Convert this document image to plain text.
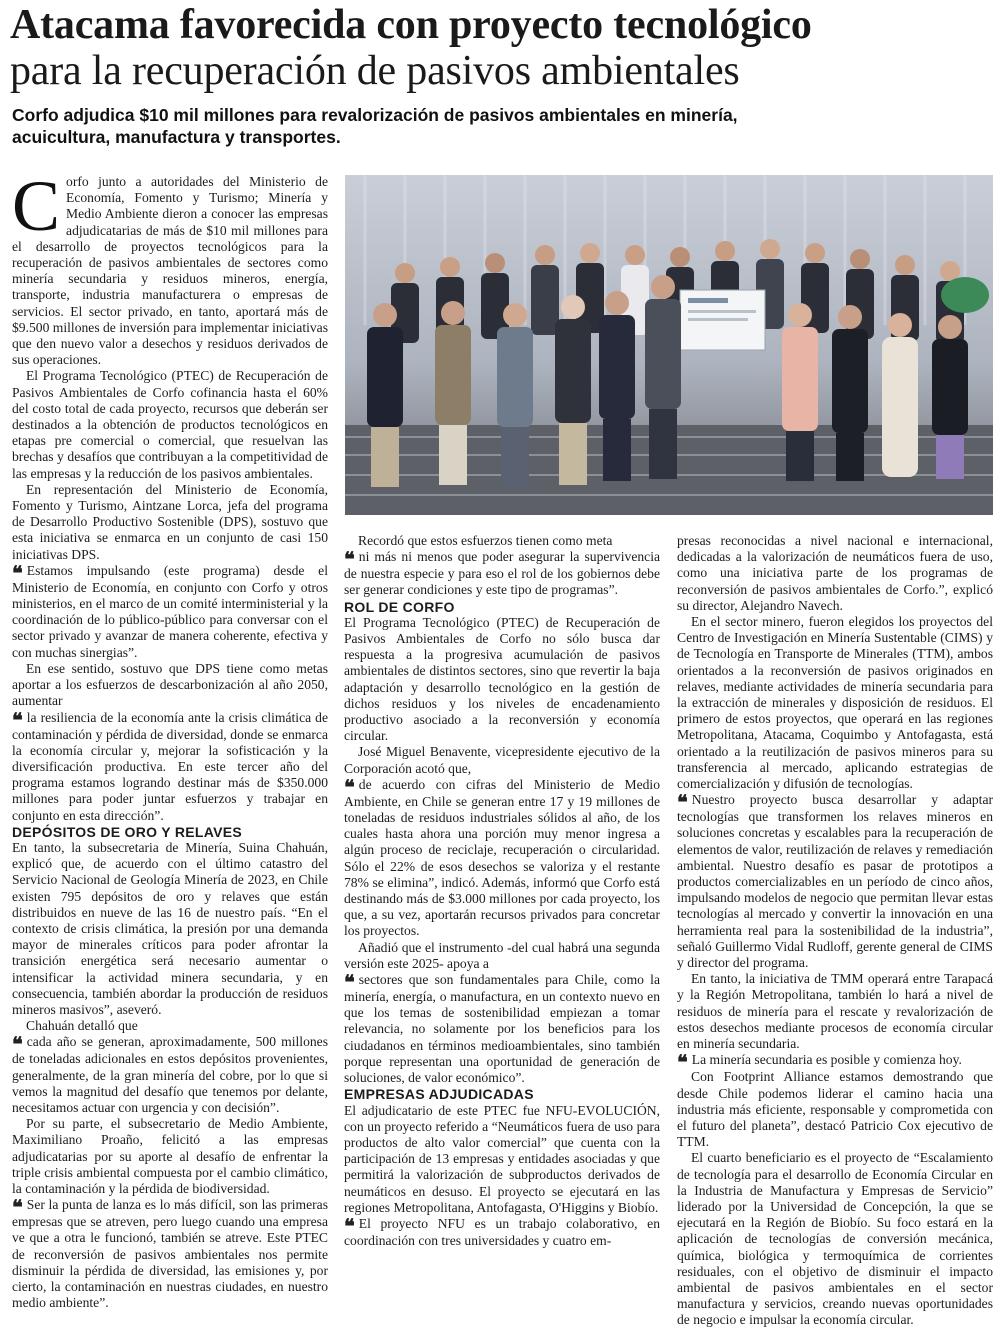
Atacama favorecida con proyecto tecnológico
para la recuperación de pasivos ambientales
Corfo adjudica $10 mil millones para revalorización de pasivos ambientales en minería, acuicultura, manufactura y transportes.

Corfo junto a autoridades del Ministerio de Economía, Fomento y Turismo; Minería y Medio Ambiente dieron a conocer las empresas adjudicatarias de más de $10 mil millones para el desarrollo de proyectos tecnológicos para la recuperación de pasivos ambientales de sectores como minería secundaria y residuos mineros, energía, transporte, industria manufacturera o empresas de servicios. El sector privado, en tanto, aportará más de $9.500 millones de inversión para implementar iniciativas que den nuevo valor a desechos y residuos derivados de sus operaciones.

El Programa Tecnológico (PTEC) de Recuperación de Pasivos Ambientales de Corfo cofinancia hasta el 60% del costo total de cada proyecto, recursos que deberán ser destinados a la obtención de productos tecnológicos en etapas pre comercial o comercial, que resuelvan las brechas y desafíos que contribuyan a la competitividad de las empresas y la reducción de los pasivos ambientales.

En representación del Ministerio de Economía, Fomento y Turismo, Aintzane Lorca, jefa del programa de Desarrollo Productivo Sostenible (DPS), sostuvo que esta iniciativa se enmarca en un conjunto de casi 150 iniciativas DPS.

❝ Estamos impulsando (este programa) desde el Ministerio de Economía, en conjunto con Corfo y otros ministerios, en el marco de un comité interministerial y la coordinación de lo público-público para conversar con el sector privado y avanzar de manera coherente, efectiva y con muchas sinergias”.

En ese sentido, sostuvo que DPS tiene como metas aportar a los esfuerzos de descarbonización al año 2050, aumentar

❝ la resiliencia de la economía ante la crisis climática de contaminación y pérdida de diversidad, donde se enmarca la economía circular y, mejorar la sofisticación y la diversificación productiva. En este tercer año del programa estamos logrando destinar más de $350.000 millones para poder juntar esfuerzos y trabajar en conjunto en esta dirección”.

DEPÓSITOS DE ORO Y RELAVES

En tanto, la subsecretaria de Minería, Suina Chahuán, explicó que, de acuerdo con el último catastro del Servicio Nacional de Geología Minería de 2023, en Chile existen 795 depósitos de oro y relaves que están distribuidos en nueve de las 16 de nuestro país. “En el contexto de crisis climática, la presión por una demanda mayor de minerales críticos para poder afrontar la transición energética será necesario aumentar o intensificar la actividad minera secundaria, y en consecuencia, también abordar la producción de residuos mineros masivos”, aseveró.

Chahuán detalló que

❝ cada año se generan, aproximadamente, 500 millones de toneladas adicionales en estos depósitos provenientes, generalmente, de la gran minería del cobre, por lo que si vemos la magnitud del desafío que tenemos por delante, necesitamos actuar con urgencia y con decisión”.

Por su parte, el subsecretario de Medio Ambiente, Maximiliano Proaño, felicitó a las empresas adjudicatarias por su aporte al desafío de enfrentar la triple crisis ambiental compuesta por el cambio climático, la contaminación y la pérdida de biodiversidad.

❝ Ser la punta de lanza es lo más difícil, son las primeras empresas que se atreven, pero luego cuando una empresa ve que a otra le funcionó, también se atreve. Este PTEC de reconversión de pasivos ambientales nos permite disminuir la pérdida de diversidad, las emisiones y, por cierto, la contaminación en nuestras ciudades, en nuestro medio ambiente”.

Recordó que estos esfuerzos tienen como meta

❝ ni más ni menos que poder asegurar la supervivencia de nuestra especie y para eso el rol de los gobiernos debe ser generar condiciones y este tipo de programas”.

ROL DE CORFO

El Programa Tecnológico (PTEC) de Recuperación de Pasivos Ambientales de Corfo no sólo busca dar respuesta a la progresiva acumulación de pasivos ambientales de distintos sectores, sino que revertir la baja adaptación y desarrollo tecnológico en la gestión de dichos residuos y los niveles de encadenamiento productivo asociado a la reconversión y economía circular.

José Miguel Benavente, vicepresidente ejecutivo de la Corporación acotó que,

❝ de acuerdo con cifras del Ministerio de Medio Ambiente, en Chile se generan entre 17 y 19 millones de toneladas de residuos industriales sólidos al año, de los cuales hasta ahora una porción muy menor ingresa a algún proceso de reciclaje, recuperación o circularidad. Sólo el 22% de esos desechos se valoriza y el restante 78% se elimina”, indicó. Además, informó que Corfo está destinando más de $3.000 millones por cada proyecto, los que, a su vez, aportarán recursos privados para concretar los proyectos.

Añadió que el instrumento -del cual habrá una segunda versión este 2025- apoya a

❝ sectores que son fundamentales para Chile, como la minería, energía, o manufactura, en un contexto nuevo en que los temas de sostenibilidad empiezan a tomar relevancia, no solamente por los beneficios para los ciudadanos en términos medioambientales, sino también porque representan una oportunidad de generación de soluciones, de valor económico”.

EMPRESAS ADJUDICADAS

El adjudicatario de este PTEC fue NFU-EVOLUCIÓN, con un proyecto referido a “Neumáticos fuera de uso para productos de alto valor comercial” que cuenta con la participación de 13 empresas y entidades asociadas y que permitirá la valorización de subproductos derivados de neumáticos en desuso. El proyecto se ejecutará en las regiones Metropolitana, Antofagasta, O'Higgins y Biobío.

❝ El proyecto NFU es un trabajo colaborativo, en coordinación con tres universidades y cuatro em-

presas reconocidas a nivel nacional e internacional, dedicadas a la valorización de neumáticos fuera de uso, como una iniciativa parte de los programas de reconversión de pasivos ambientales de Corfo.”, explicó su director, Alejandro Navech.

En el sector minero, fueron elegidos los proyectos del Centro de Investigación en Minería Sustentable (CIMS) y de Tecnología en Transporte de Minerales (TTM), ambos orientados a la reconversión de pasivos originados en relaves, mediante actividades de minería secundaria para la extracción de minerales y disposición de residuos. El primero de estos proyectos, que operará en las regiones Metropolitana, Atacama, Coquimbo y Antofagasta, está orientado a la reutilización de pasivos mineros para su transferencia al mercado, aplicando estrategias de comercialización y difusión de tecnologías.

❝ Nuestro proyecto busca desarrollar y adaptar tecnologías que transformen los relaves mineros en soluciones concretas y escalables para la recuperación de elementos de valor, reutilización de relaves y remediación ambiental. Nuestro desafío es pasar de prototipos a productos comercializables en un período de cinco años, impulsando modelos de negocio que permitan llevar estas tecnologías al mercado y convertir la innovación en una herramienta real para la sostenibilidad de la industria”, señaló Guillermo Vidal Rudloff, gerente general de CIMS y director del programa.

En tanto, la iniciativa de TMM operará entre Tarapacá y la Región Metropolitana, también lo hará a nivel de residuos de minería para el rescate y revalorización de estos desechos mediante procesos de economía circular en minería secundaria.

❝ La minería secundaria es posible y comienza hoy.

Con Footprint Alliance estamos demostrando que desde Chile podemos liderar el camino hacia una industria más eficiente, responsable y comprometida con el futuro del planeta”, destacó Patricio Cox ejecutivo de TTM.

El cuarto beneficiario es el proyecto de “Escalamiento de tecnología para el desarrollo de Economía Circular en la Industria de Manufactura y Empresas de Servicio” liderado por la Universidad de Concepción, la que se ejecutará en la Región de Biobío. Su foco estará en la aplicación de tecnologías de conversión mecánica, química, biológica y termoquímica de corrientes residuales, con el objetivo de disminuir el impacto ambiental de pasivos ambientales en el sector manufactura y servicios, creando nuevas oportunidades de negocio e impulsar la economía circular.
